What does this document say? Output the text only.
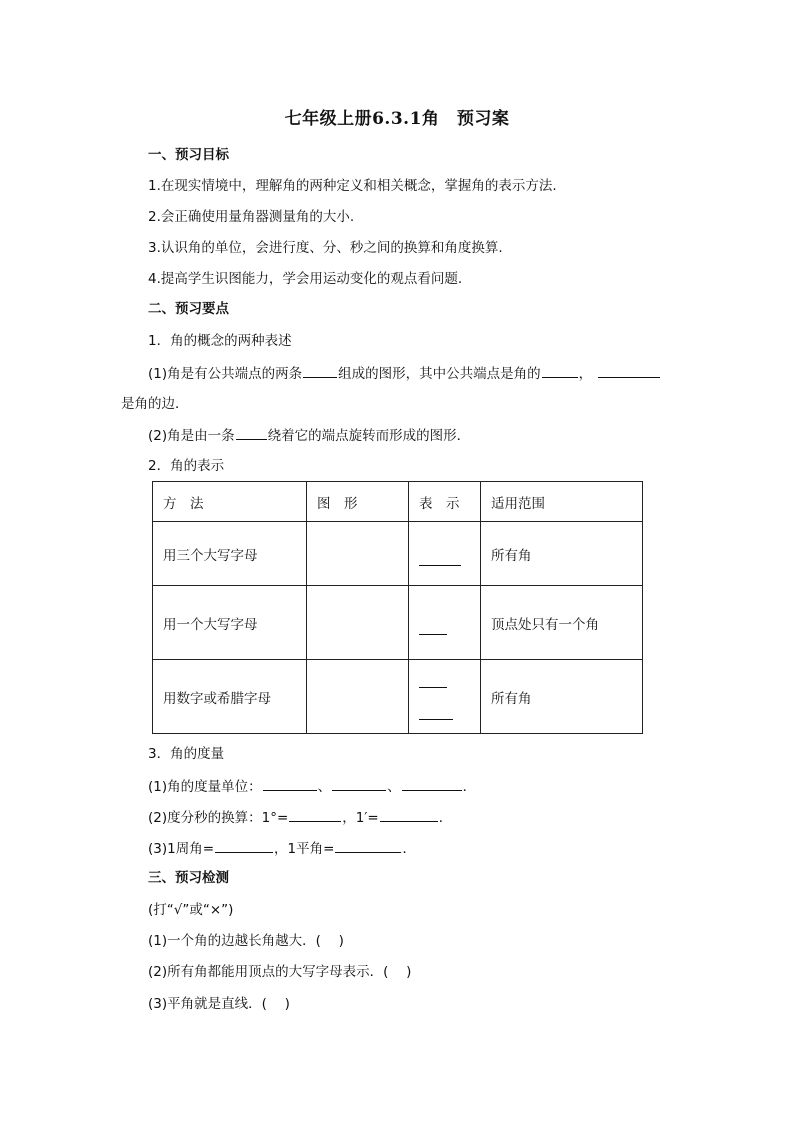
七年级上册6.3.1角　预习案
一、预习目标
1.在现实情境中，理解角的两种定义和相关概念，掌握角的表示方法.
2.会正确使用量角器测量角的大小.
3.认识角的单位，会进行度、分、秒之间的换算和角度换算.
4.提高学生识图能力，学会用运动变化的观点看问题.
二、预习要点
1．角的概念的两种表述
(1)角是有公共端点的两条	组成的图形，其中公共端点是角的	，
是角的边．
(2)角是由一条 绕着它的端点旋转而形成的图形．
2．角的表示
方　法	图　形	表　示	适用范围
用三个大写字母			所有角
用一个大写字母			顶点处只有一个角
用数字或希腊字母			所有角
3．角的度量
(1)角的度量单位：	、	、	．
(2)度分秒的换算：1°=	，1′=	．
(3)1周角=	，1平角=	．
三、预习检测
(打“√”或“×”)
(1)一个角的边越长角越大．(　 )
(2)所有角都能用顶点的大写字母表示．(　 )
(3)平角就是直线．(　 )
